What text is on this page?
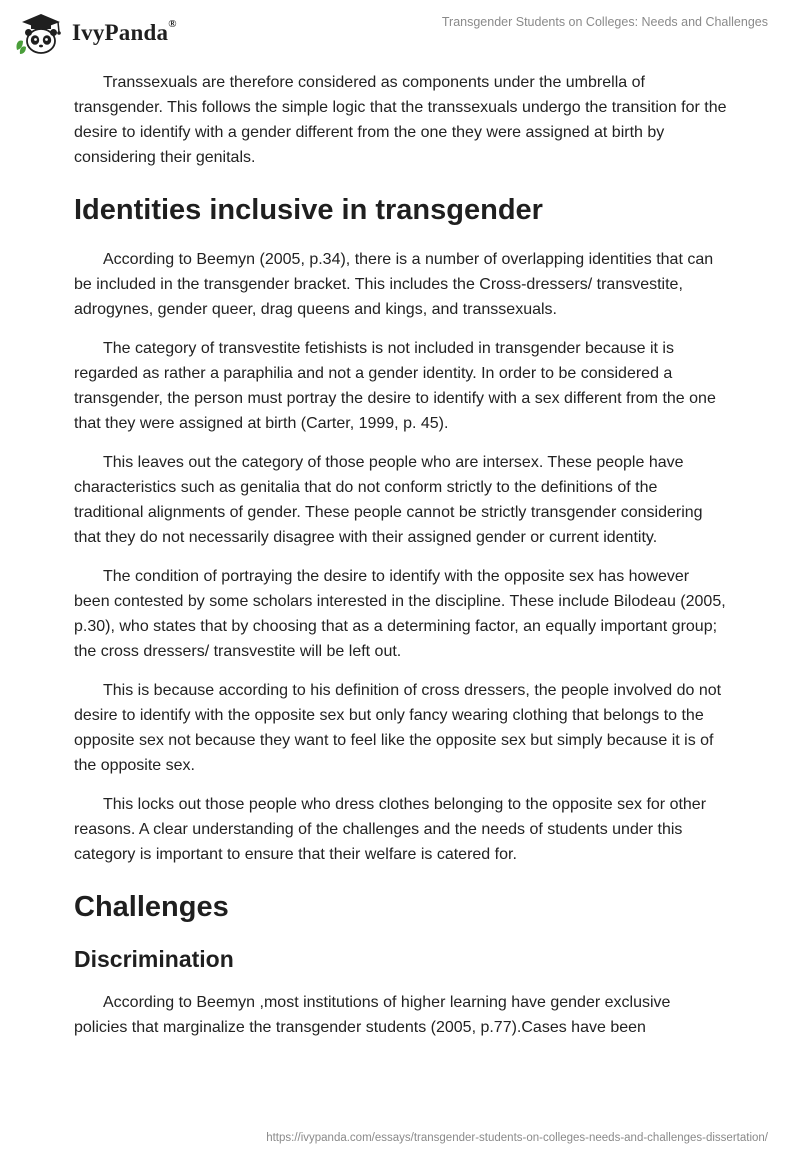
IvyPanda®	Transgender Students on Colleges: Needs and Challenges

Transsexuals are therefore considered as components under the umbrella of transgender. This follows the simple logic that the transsexuals undergo the transition for the desire to identify with a gender different from the one they were assigned at birth by considering their genitals.

Identities inclusive in transgender

According to Beemyn (2005, p.34), there is a number of overlapping identities that can be included in the transgender bracket. This includes the Cross-dressers/ transvestite, adrogynes, gender queer, drag queens and kings, and transsexuals.

The category of transvestite fetishists is not included in transgender because it is regarded as rather a paraphilia and not a gender identity. In order to be considered a transgender, the person must portray the desire to identify with a sex different from the one that they were assigned at birth (Carter, 1999, p. 45).

This leaves out the category of those people who are intersex. These people have characteristics such as genitalia that do not conform strictly to the definitions of the traditional alignments of gender. These people cannot be strictly transgender considering that they do not necessarily disagree with their assigned gender or current identity.

The condition of portraying the desire to identify with the opposite sex has however been contested by some scholars interested in the discipline. These include Bilodeau (2005, p.30), who states that by choosing that as a determining factor, an equally important group; the cross dressers/ transvestite will be left out.

This is because according to his definition of cross dressers, the people involved do not desire to identify with the opposite sex but only fancy wearing clothing that belongs to the opposite sex not because they want to feel like the opposite sex but simply because it is of the opposite sex.

This locks out those people who dress clothes belonging to the opposite sex for other reasons. A clear understanding of the challenges and the needs of students under this category is important to ensure that their welfare is catered for.

Challenges
Discrimination

According to Beemyn ,most institutions of higher learning have gender exclusive policies that marginalize the transgender students (2005, p.77).Cases have been

https://ivypanda.com/essays/transgender-students-on-colleges-needs-and-challenges-dissertation/
